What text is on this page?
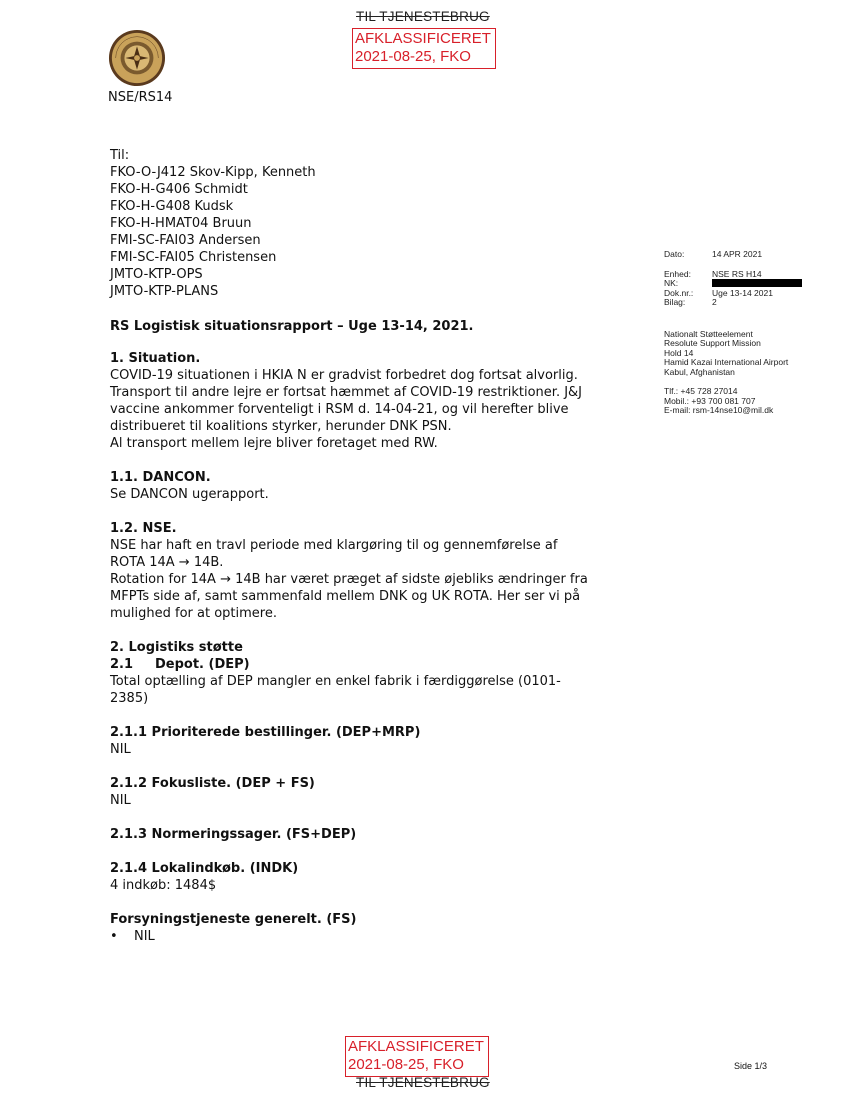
TIL TJENESTEBRUG
AFKLASSIFICERET
2021-08-25, FKO
NSE/RS14

Til:

FKO-O-J412 Skov-Kipp, Kenneth

FKO-H-G406 Schmidt

FKO-H-G408 Kudsk

FKO-H-HMAT04 Bruun

FMI-SC-FAI03 Andersen

FMI-SC-FAI05 Christensen

JMTO-KTP-OPS

JMTO-KTP-PLANS

Dato:	14 APR 2021
Enhed:	NSE RS H14
NK:
Dok.nr.:	Uge 13-14 2021
Bilag:	2
Nationalt Støtteelement
Resolute Support Mission
Hold 14
Hamid Kazai International Airport
Kabul, Afghanistan
Tlf.: +45 728 27014
Mobil.: +93 700 081 707
E-mail: rsm-14nse10@mil.dk

RS Logistisk situationsrapport – Uge 13-14, 2021.

1. Situation.

COVID-19 situationen i HKIA N er gradvist forbedret dog fortsat alvorlig.

Transport til andre lejre er fortsat hæmmet af COVID-19 restriktioner. J&J

vaccine ankommer forventeligt i RSM d. 14-04-21, og vil herefter blive

distribueret til koalitions styrker, herunder DNK PSN.

Al transport mellem lejre bliver foretaget med RW.

1.1. DANCON.

Se DANCON ugerapport.

1.2. NSE.

NSE har haft en travl periode med klargøring til og gennemførelse af

ROTA 14A → 14B.

Rotation for 14A → 14B har været præget af sidste øjebliks ændringer fra

MFPTs side af, samt sammenfald mellem DNK og UK ROTA. Her ser vi på

mulighed for at optimere.

2. Logistiks støtte

2.1 Depot. (DEP)

Total optælling af DEP mangler en enkel fabrik i færdiggørelse (0101-

2385)

2.1.1 Prioriterede bestillinger. (DEP+MRP)

NIL

2.1.2 Fokusliste. (DEP + FS)

NIL

2.1.3 Normeringssager. (FS+DEP)

2.1.4 Lokalindkøb. (INDK)

4 indkøb: 1484$

Forsyningstjeneste generelt. (FS)

•	NIL
AFKLASSIFICERET
2021-08-25, FKO
TIL TJENESTEBRUG
Side 1/3
